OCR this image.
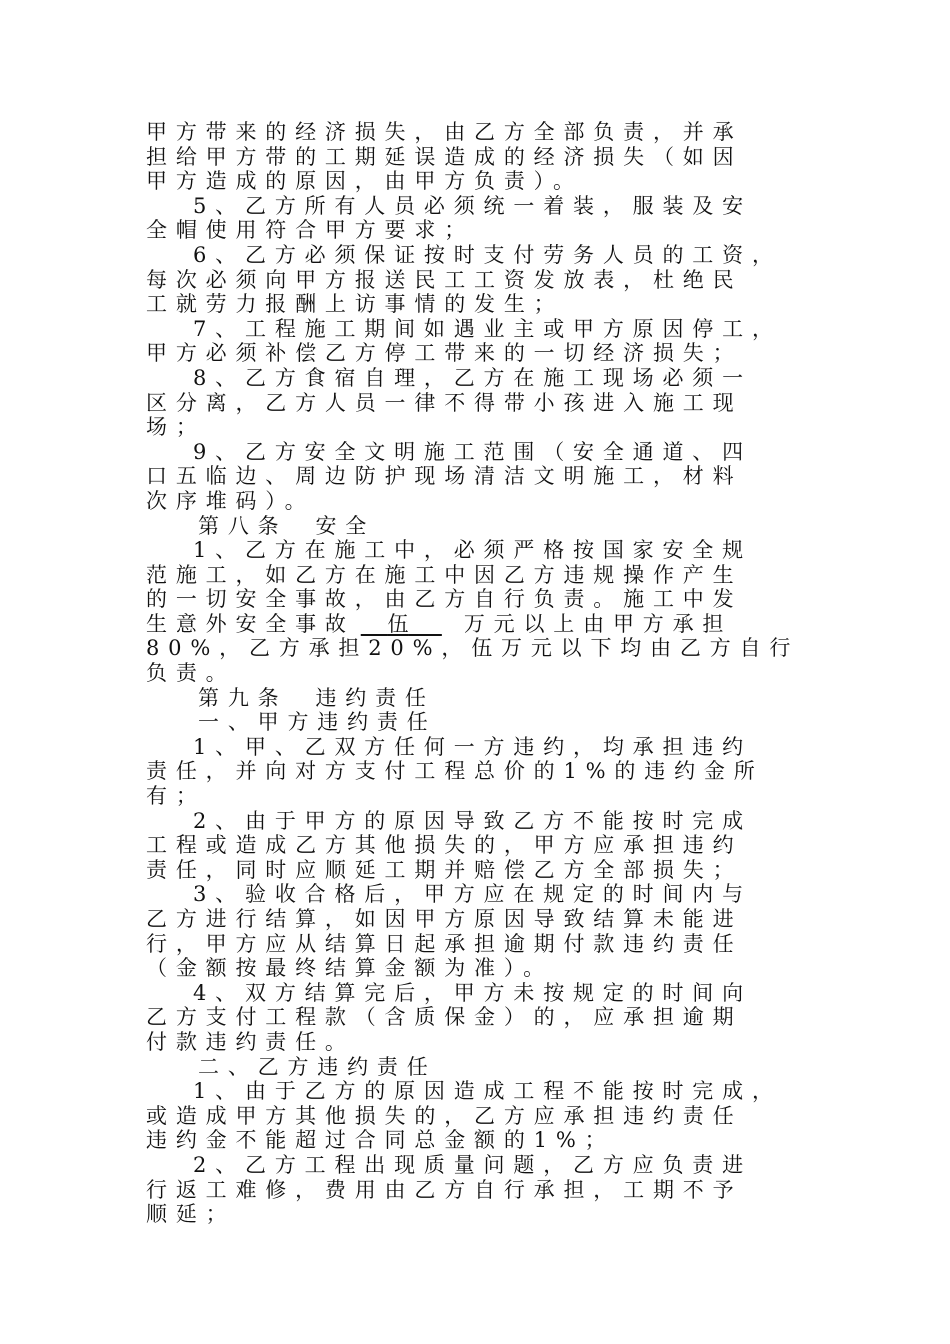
甲方带来的经济损失，由乙方全部负责，并承
担给甲方带的工期延误造成的经济损失（如因
甲方造成的原因，由甲方负责）。
5、乙方所有人员必须统一着装，服装及安
全帽使用符合甲方要求；
6、乙方必须保证按时支付劳务人员的工资，
每次必须向甲方报送民工工资发放表，杜绝民
工就劳力报酬上访事情的发生；
7、工程施工期间如遇业主或甲方原因停工，
甲方必须补偿乙方停工带来的一切经济损失；
8、乙方食宿自理，乙方在施工现场必须一
区分离，乙方人员一律不得带小孩进入施工现
场；
9、乙方安全文明施工范围（安全通道、四
口五临边、周边防护现场清洁文明施工，材料
次序堆码）。
第八条 安全
1、乙方在施工中，必须严格按国家安全规
范施工，如乙方在施工中因乙方违规操作产生
的一切安全事故，由乙方自行负责。施工中发
生意外安全事故 伍	万元以上由甲方承担
80%，乙方承担20%，伍万元以下均由乙方自行
负责。
第九条 违约责任
一、甲方违约责任
1、甲、乙双方任何一方违约，均承担违约
责任，并向对方支付工程总价的1%的违约金所
有；
2、由于甲方的原因导致乙方不能按时完成
工程或造成乙方其他损失的，甲方应承担违约
责任，同时应顺延工期并赔偿乙方全部损失；
3、验收合格后，甲方应在规定的时间内与
乙方进行结算，如因甲方原因导致结算未能进
行，甲方应从结算日起承担逾期付款违约责任
（金额按最终结算金额为准）。
4、双方结算完后，甲方未按规定的时间向
乙方支付工程款（含质保金）的，应承担逾期
付款违约责任。
二、乙方违约责任
1、由于乙方的原因造成工程不能按时完成，
或造成甲方其他损失的，乙方应承担违约责任
违约金不能超过合同总金额的1%；
2、乙方工程出现质量问题，乙方应负责进
行返工难修，费用由乙方自行承担，工期不予
顺延；
